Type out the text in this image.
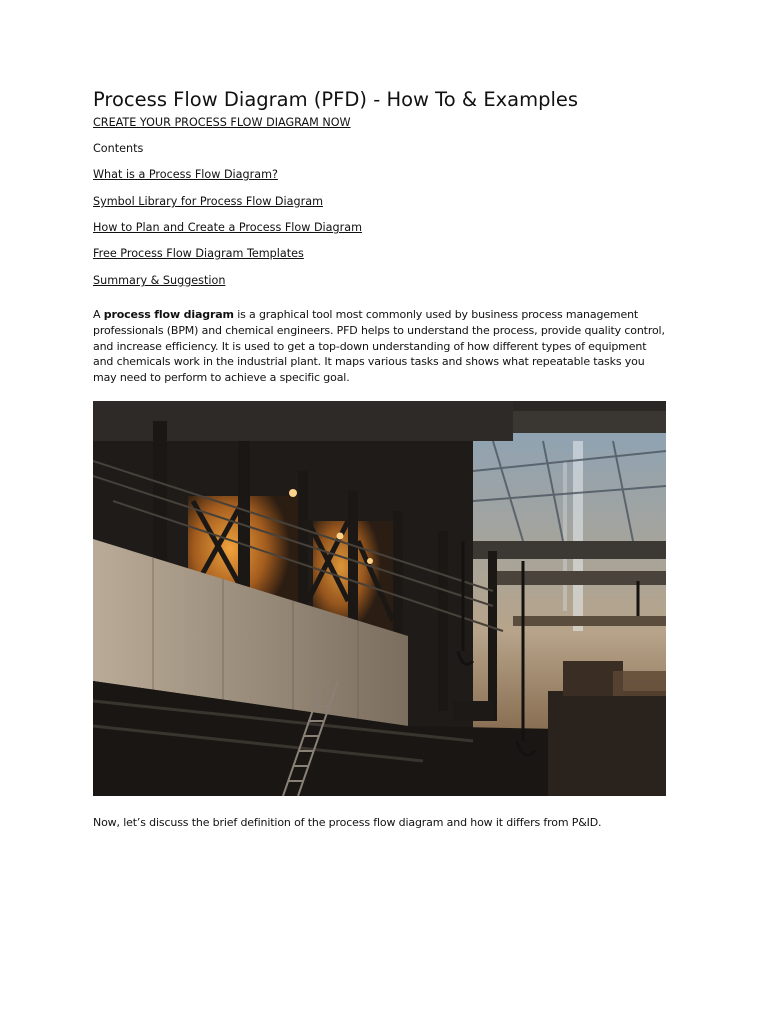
Process Flow Diagram (PFD) - How To & Examples
CREATE YOUR PROCESS FLOW DIAGRAM NOW
Contents
What is a Process Flow Diagram?
Symbol Library for Process Flow Diagram
How to Plan and Create a Process Flow Diagram
Free Process Flow Diagram Templates
Summary & Suggestion

A process flow diagram is a graphical tool most commonly used by business process management professionals (BPM) and chemical engineers. PFD helps to understand the process, provide quality control, and increase efficiency. It is used to get a top-down understanding of how different types of equipment and chemicals work in the industrial plant. It maps various tasks and shows what repeatable tasks you may need to perform to achieve a specific goal.

Now, let’s discuss the brief definition of the process flow diagram and how it differs from P&ID.
